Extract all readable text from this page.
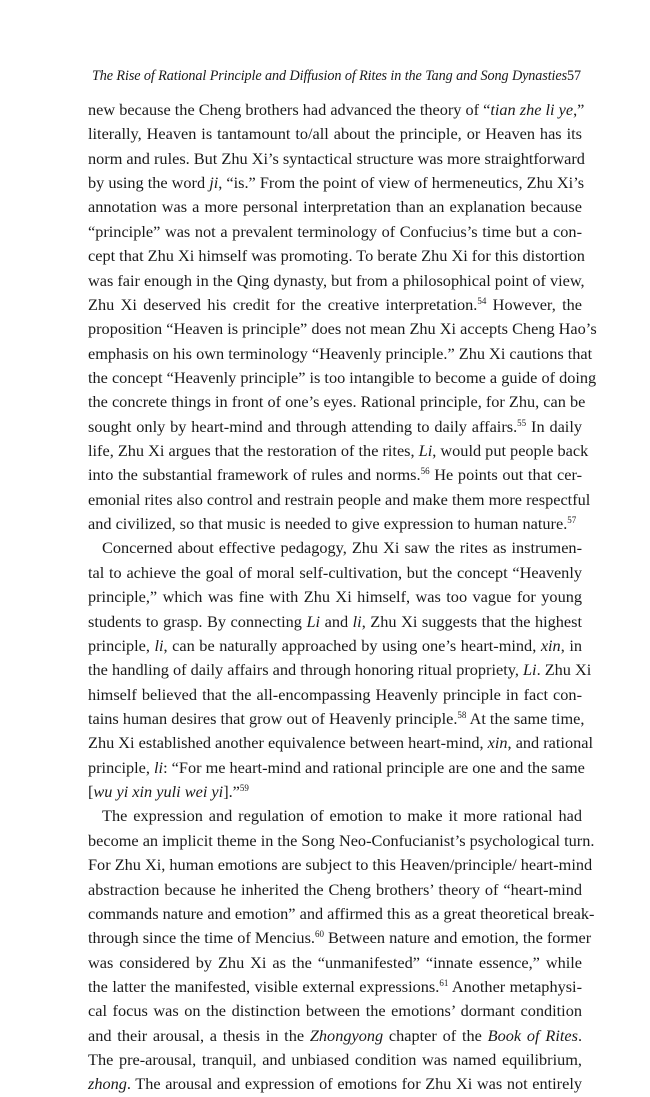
The Rise of Rational Principle and Diffusion of Rites in the Tang and Song Dynasties57
new because the Cheng brothers had advanced the theory of “tian zhe li ye,”
literally, Heaven is tantamount to/all about the principle, or Heaven has its
norm and rules. But Zhu Xi’s syntactical structure was more straightforward
by using the word ji, “is.” From the point of view of hermeneutics, Zhu Xi’s
annotation was a more personal interpretation than an explanation because
“principle” was not a prevalent terminology of Confucius’s time but a con-
cept that Zhu Xi himself was promoting. To berate Zhu Xi for this distortion
was fair enough in the Qing dynasty, but from a philosophical point of view,
Zhu Xi deserved his credit for the creative interpretation.$^{54}$ However, the
proposition “Heaven is principle” does not mean Zhu Xi accepts Cheng Hao’s
emphasis on his own terminology “Heavenly principle.” Zhu Xi cautions that
the concept “Heavenly principle” is too intangible to become a guide of doing
the concrete things in front of one’s eyes. Rational principle, for Zhu, can be
sought only by heart-mind and through attending to daily affairs.$^{55}$ In daily
life, Zhu Xi argues that the restoration of the rites, Li, would put people back
into the substantial framework of rules and norms.$^{56}$ He points out that cer-
emonial rites also control and restrain people and make them more respectful
and civilized, so that music is needed to give expression to human nature.$^{57}$
Concerned about effective pedagogy, Zhu Xi saw the rites as instrumen-
tal to achieve the goal of moral self-cultivation, but the concept “Heavenly
principle,” which was fine with Zhu Xi himself, was too vague for young
students to grasp. By connecting Li and li, Zhu Xi suggests that the highest
principle, li, can be naturally approached by using one’s heart-mind, xin, in
the handling of daily affairs and through honoring ritual propriety, Li. Zhu Xi
himself believed that the all-encompassing Heavenly principle in fact con-
tains human desires that grow out of Heavenly principle.$^{58}$ At the same time,
Zhu Xi established another equivalence between heart-mind, xin, and rational
principle, li: “For me heart-mind and rational principle are one and the same
[wu yi xin yuli wei yi].”$^{59}$
The expression and regulation of emotion to make it more rational had
become an implicit theme in the Song Neo-Confucianist’s psychological turn.
For Zhu Xi, human emotions are subject to this Heaven/principle/ heart-mind
abstraction because he inherited the Cheng brothers’ theory of “heart-mind
commands nature and emotion” and affirmed this as a great theoretical break-
through since the time of Mencius.$^{60}$ Between nature and emotion, the former
was considered by Zhu Xi as the “unmanifested” “innate essence,” while
the latter the manifested, visible external expressions.$^{61}$ Another metaphysi-
cal focus was on the distinction between the emotions’ dormant condition
and their arousal, a thesis in the Zhongyong chapter of the Book of Rites.
The pre-arousal, tranquil, and unbiased condition was named equilibrium,
zhong. The arousal and expression of emotions for Zhu Xi was not entirely
